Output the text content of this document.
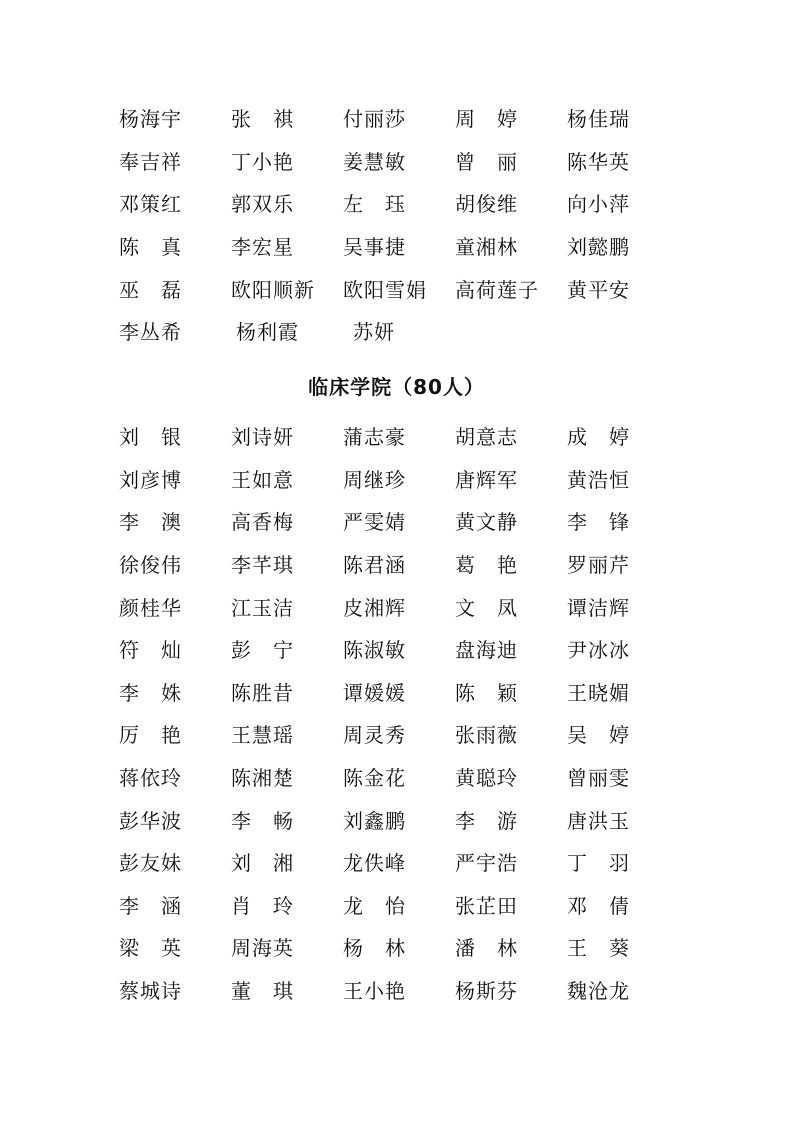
杨海宇	张　祺	付丽莎	周　婷	杨佳瑞
奉吉祥	丁小艳	姜慧敏	曾　丽	陈华英
邓策红	郭双乐	左　珏	胡俊维	向小萍
陈　真	李宏星	吴事捷	童湘林	刘懿鹏
巫　磊	欧阳顺新	欧阳雪娟	高荷莲子	黄平安
李丛希	杨利霞	苏妍
临床学院（80人）
刘　银	刘诗妍	蒲志豪	胡意志	成　婷
刘彦博	王如意	周继珍	唐辉军	黄浩恒
李　澳	高香梅	严雯婧	黄文静	李　锋
徐俊伟	李芊琪	陈君涵	葛　艳	罗丽芹
颜桂华	江玉洁	皮湘辉	文　凤	谭洁辉
符　灿	彭　宁	陈淑敏	盘海迪	尹冰冰
李　姝	陈胜昔	谭媛媛	陈　颖	王晓媚
厉　艳	王慧瑶	周灵秀	张雨薇	吴　婷
蒋依玲	陈湘楚	陈金花	黄聪玲	曾丽雯
彭华波	李　畅	刘鑫鹏	李　游	唐洪玉
彭友妹	刘　湘	龙佚峰	严宇浩	丁　羽
李　涵	肖　玲	龙　怡	张芷田	邓　倩
梁　英	周海英	杨　林	潘　林	王　葵
蔡城诗	董　琪	王小艳	杨斯芬	魏沧龙
